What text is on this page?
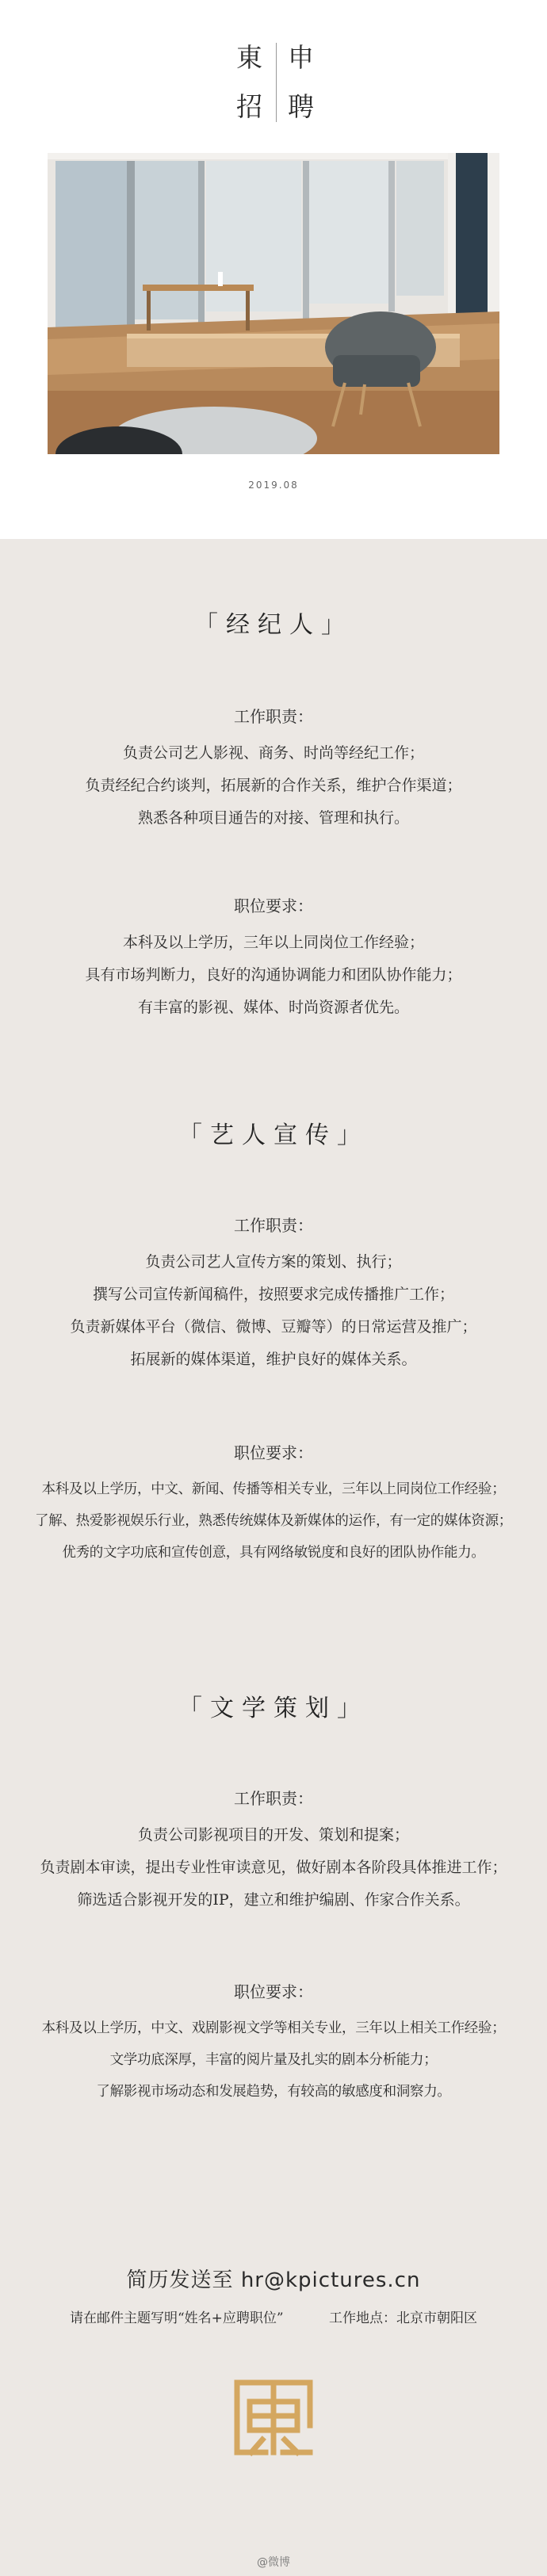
東 申
招 聘
2019.08
「经纪人」
工作职责：
负责公司艺人影视、商务、时尚等经纪工作；
负责经纪合约谈判，拓展新的合作关系，维护合作渠道；
熟悉各种项目通告的对接、管理和执行。
职位要求：
本科及以上学历，三年以上同岗位工作经验；
具有市场判断力，良好的沟通协调能力和团队协作能力；
有丰富的影视、媒体、时尚资源者优先。
「艺人宣传」
工作职责：
负责公司艺人宣传方案的策划、执行；
撰写公司宣传新闻稿件，按照要求完成传播推广工作；
负责新媒体平台（微信、微博、豆瓣等）的日常运营及推广；
拓展新的媒体渠道，维护良好的媒体关系。
职位要求：
本科及以上学历，中文、新闻、传播等相关专业，三年以上同岗位工作经验；
了解、热爱影视娱乐行业，熟悉传统媒体及新媒体的运作，有一定的媒体资源；
优秀的文字功底和宣传创意，具有网络敏锐度和良好的团队协作能力。
「文学策划」
工作职责：
负责公司影视项目的开发、策划和提案；
负责剧本审读，提出专业性审读意见，做好剧本各阶段具体推进工作；
筛选适合影视开发的IP，建立和维护编剧、作家合作关系。
职位要求：
本科及以上学历，中文、戏剧影视文学等相关专业，三年以上相关工作经验；
文学功底深厚，丰富的阅片量及扎实的剧本分析能力；
了解影视市场动态和发展趋势，有较高的敏感度和洞察力。
简历发送至 hr@kpictures.cn
请在邮件主题写明“姓名+应聘职位”	工作地点：北京市朝阳区
@微博
